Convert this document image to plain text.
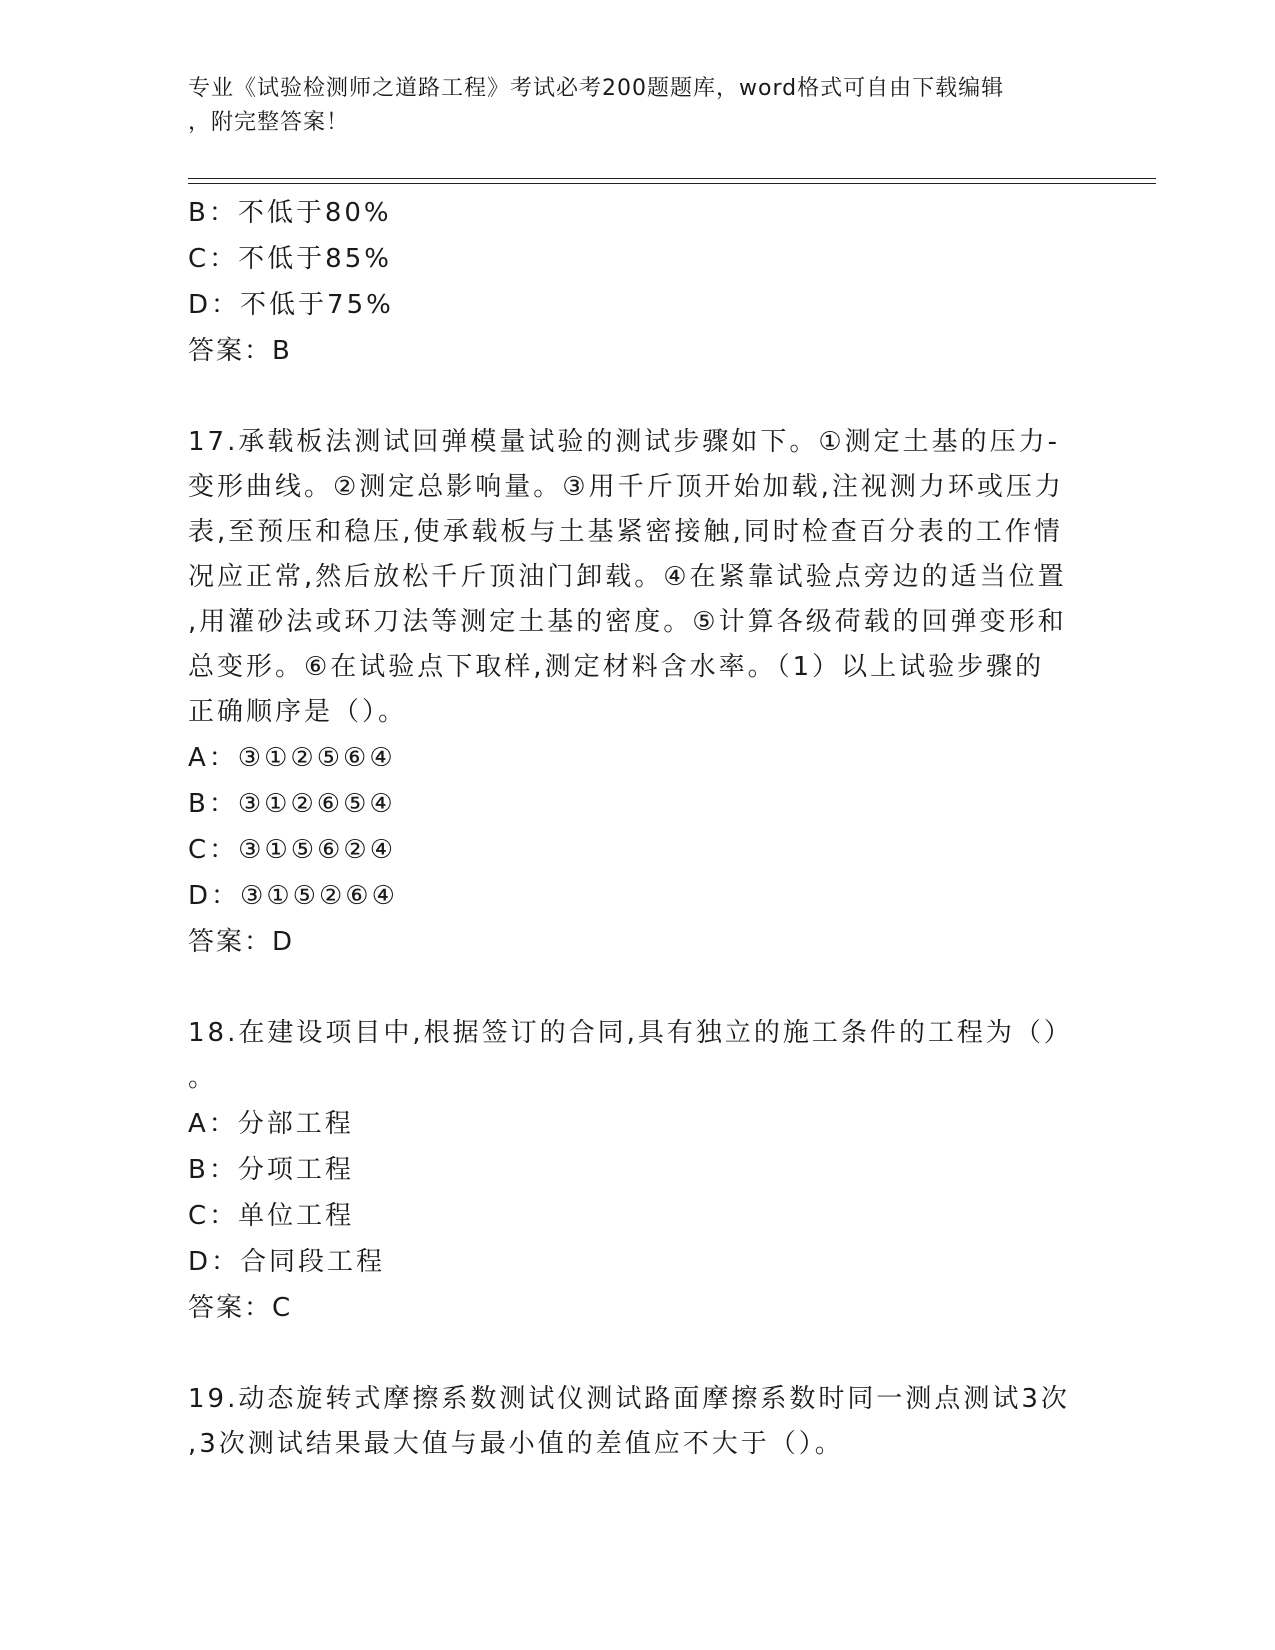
专业《试验检测师之道路工程》考试必考200题题库，word格式可自由下载编辑
，附完整答案！
B：不低于80%
C：不低于85%
D：不低于75%
答案：B
17.承载板法测试回弹模量试验的测试步骤如下。①测定土基的压力-
变形曲线。②测定总影响量。③用千斤顶开始加载,注视测力环或压力
表,至预压和稳压,使承载板与土基紧密接触,同时检查百分表的工作情
况应正常,然后放松千斤顶油门卸载。④在紧靠试验点旁边的适当位置
,用灌砂法或环刀法等测定土基的密度。⑤计算各级荷载的回弹变形和
总变形。⑥在试验点下取样,测定材料含水率。（1）以上试验步骤的
正确顺序是（）。
A：③①②⑤⑥④
B：③①②⑥⑤④
C：③①⑤⑥②④
D：③①⑤②⑥④
答案：D
18.在建设项目中,根据签订的合同,具有独立的施工条件的工程为（）
。
A：分部工程
B：分项工程
C：单位工程
D：合同段工程
答案：C
19.动态旋转式摩擦系数测试仪测试路面摩擦系数时同一测点测试3次
,3次测试结果最大值与最小值的差值应不大于（）。
